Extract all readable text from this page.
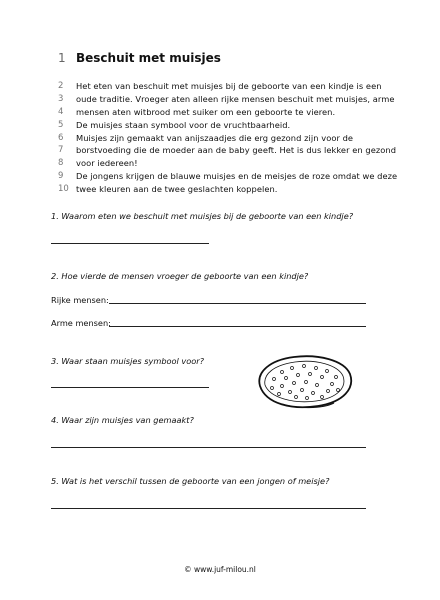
1 Beschuit met muisjes
2	Het eten van beschuit met muisjes bij de geboorte van een kindje is een
3	oude traditie. Vroeger aten alleen rijke mensen beschuit met muisjes, arme
4	mensen aten witbrood met suiker om een geboorte te vieren.
5	De muisjes staan symbool voor de vruchtbaarheid.
6	Muisjes zijn gemaakt van anijszaadjes die erg gezond zijn voor de
7	borstvoeding die de moeder aan de baby geeft. Het is dus lekker en gezond
8	voor iedereen!
9	De jongens krijgen de blauwe muisjes en de meisjes de roze omdat we deze
10 twee kleuren aan de twee geslachten koppelen.
1. Waarom eten we beschuit met muisjes bij de geboorte van een kindje?
2. Hoe vierde de mensen vroeger de geboorte van een kindje?
Rijke mensen:
Arme mensen:
3. Waar staan muisjes symbool voor?
4. Waar zijn muisjes van gemaakt?
5. Wat is het verschil tussen de geboorte van een jongen of meisje?
© www.juf-milou.nl
